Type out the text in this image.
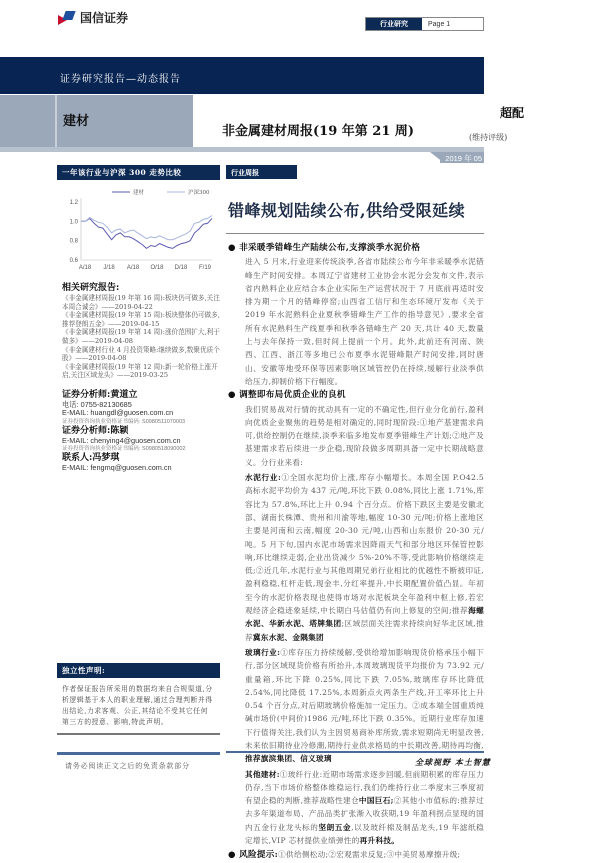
国信证券	行业研究	Page 1
证券研究报告—动态报告
建材
非金属建材周报(19 年第 21 周)
超配
(维持评级)
2019 年 05 月 29 日
一年该行业与沪深 300 走势比较
0.6
0.8
1.0
1.2
A/18 J/18 A/18 O/18 D/18 F/19
建材	沪深300
相关研究报告:
《非金属建材周报(19 年第 16 周):板块仍可做多,关注本周合诚会》——2019-04-22
《非金属建材周报(19 年第 15 周):板块整体仍可做多,推荐登朗五金》——2019-04-15
《非金属建材周报(19 年第 14 周):涨价范围扩大,利于做多》——2019-04-08
《非金属建材行业 4 月投资策略:继续做多,数聚优质个股》——2019-04-08
《非金属建材周报(19 年第 12 周):新一轮价格上涨开启,关注区域龙头》——2019-03-25
证券分析师:黄道立
电话: 0755-82130685
E-MAIL: huangdl@guosen.com.cn
证券投资咨询执业资格证书编码: S0980511070003
证券分析师:陈颖
E-MAIL: chenying4@guosen.com.cn
证券投资咨询执业资格证书编码: S0980518090002
联系人:冯梦琪
E-MAIL: fengmq@guosen.com.cn
独立性声明:
作者保证报告所采用的数据均来自合规渠道,分析逻辑基于本人的职业理解,通过合理判断并得出结论,力求客观、公正,其结论不受其它任何第三方的授意、影响,特此声明。
请务必阅读正文之后的免责条款部分
行业周报
错峰规划陆续公布,供给受限延续
● 非采暖季错峰生产陆续公布,支撑淡季水泥价格

进入 5 月末,行业迎来传统淡季,各省市陆续公布今年非采暖季水泥错峰生产时间安排。本周辽宁省建材工业协会水泥分会发布文件,表示省内熟料企业应结合本企业实际生产运营状况于 7 月底前再适时安排为期一个月的错峰停窑;山西省工信厅和生态环境厅发布《关于 2019 年水泥熟料企业夏秋季错峰生产工作的指导意见》,要求全省所有水泥熟料生产线夏季和秋季各错峰生产 20 天,共计 40 天,数量上与去年保持一致,但时间上提前一个月。此外,此前还有河南、陕西、江西、浙江等多地已公布夏季水泥错峰限产时间安排,同时唐山、安徽等地受环保等因素影响区域管控仍在持续,缓解行业淡季供给压力,抑制价格下行幅度。

● 调整即布局优质企业的良机

我们贸易战对行情的扰动具有一定的不确定性,但行业分化前行,盈利向优质企业聚焦的趋势是相对确定的,同时现阶段:①地产基建需求尚可,供给控制仍在继续,淡季来临多地发布夏季错峰生产计划;②地产及基建需求若后续进一步企稳,现阶段做多周期具备一定中长期战略意义。分行业来看:

水泥行业:①全国水泥均价上涨,库存小幅增长。本周全国 P.O42.5 高标水泥平均价为 437 元/吨,环比下跌 0.08%,同比上涨 1.71%,库容比为 57.8%,环比上升 0.94 个百分点。价格下跌区主要是安徽北部、湖南长株潭、贵州和川渝等地,幅度 10-30 元/吨;价格上涨地区主要是河南和云南,幅度 20-30 元/吨,山西和山东报价 20-30 元/吨。5 月下旬,国内水泥市场需求因降雨天气和部分地区环保管控影响,环比继续走弱,企业出货减少 5%-20%不等,受此影响价格继续走低;②近几年,水泥行业与其他周期兄弟行业相比的优越性不断被印证,盈利稳稳,杠杆走低,现金丰,分红率提升,中长期配置价值凸显。年初至今的水泥价格表现也使得市场对水泥板块全年盈利中枢上修,若宏观经济企稳迹象延续,中长期白马估值仍有向上修复的空间;推荐海螺水泥、华新水泥、塔牌集团;区域层面关注需求持续向好华北区域,推荐冀东水泥、金隅集团

玻璃行业:①库存压力持续缓解,受供给增加影响现货价格承压小幅下行,部分区域现货价格有所抬升,本周玻璃现货平均报价为 73.92 元/重量箱,环比下降 0.25%,同比下跌 7.05%,玻璃库存环比降低 2.54%,同比降低 17.25%,本周新点火两条生产线,开工率环比上升 0.54 个百分点,对后期玻璃价格施加一定压力。②成本端全国重质纯碱市场价(中间价)1986 元/吨,环比下跌 0.35%。近期行业库存加速下行值得关注,我们认为主因贸易商补库所致,需求短期尚无明显改善,未来依旧期待业冷修潮,期待行业供求格局的中长期改善,期待再均衡,推荐旗滨集团、信义玻璃

其他建材:①玻纤行业:近期市场需求逐步回暖,但前期积累的库存压力仍存,当下市场价格整体维稳运行,我们仍维持行业二季度末三季度初有望企稳的判断,推荐战略性建仓中国巨石;②其他小市值标的:推荐过去多年渠道布局、产品品类扩张渐入收获期,19 年盈利拐点显现的国内五金行业龙头标的坚朗五金,以及玻纤棉及制品龙头,19 年滤纸稳定增长,VIP 芯材提供业绩弹性的再升科技。

● 风险提示:①供给侧松动;②宏观需求反复;③中美贸易摩擦升级;
全球视野 本土智慧
